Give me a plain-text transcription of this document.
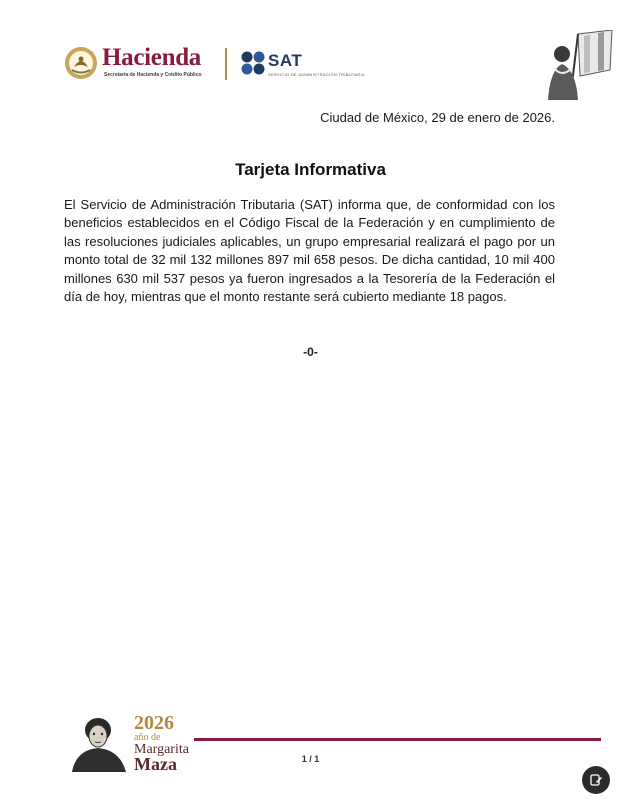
Hacienda
Secretaría de Hacienda y Crédito Público
SAT
SERVICIO DE ADMINISTRACIÓN TRIBUTARIA
Ciudad de México, 29 de enero de 2026.
Tarjeta Informativa

El Servicio de Administración Tributaria (SAT) informa que, de conformidad con los beneficios establecidos en el Código Fiscal de la Federación y en cumplimiento de las resoluciones judiciales aplicables, un grupo empresarial realizará el pago por un monto total de 32 mil 132 millones 897 mil 658 pesos. De dicha cantidad, 10 mil 400 millones 630 mil 537 pesos ya fueron ingresados a la Tesorería de la Federación el día de hoy, mientras que el monto restante será cubierto mediante 18 pagos.

-0-
2026
año de
Margarita
Maza	1 / 1
